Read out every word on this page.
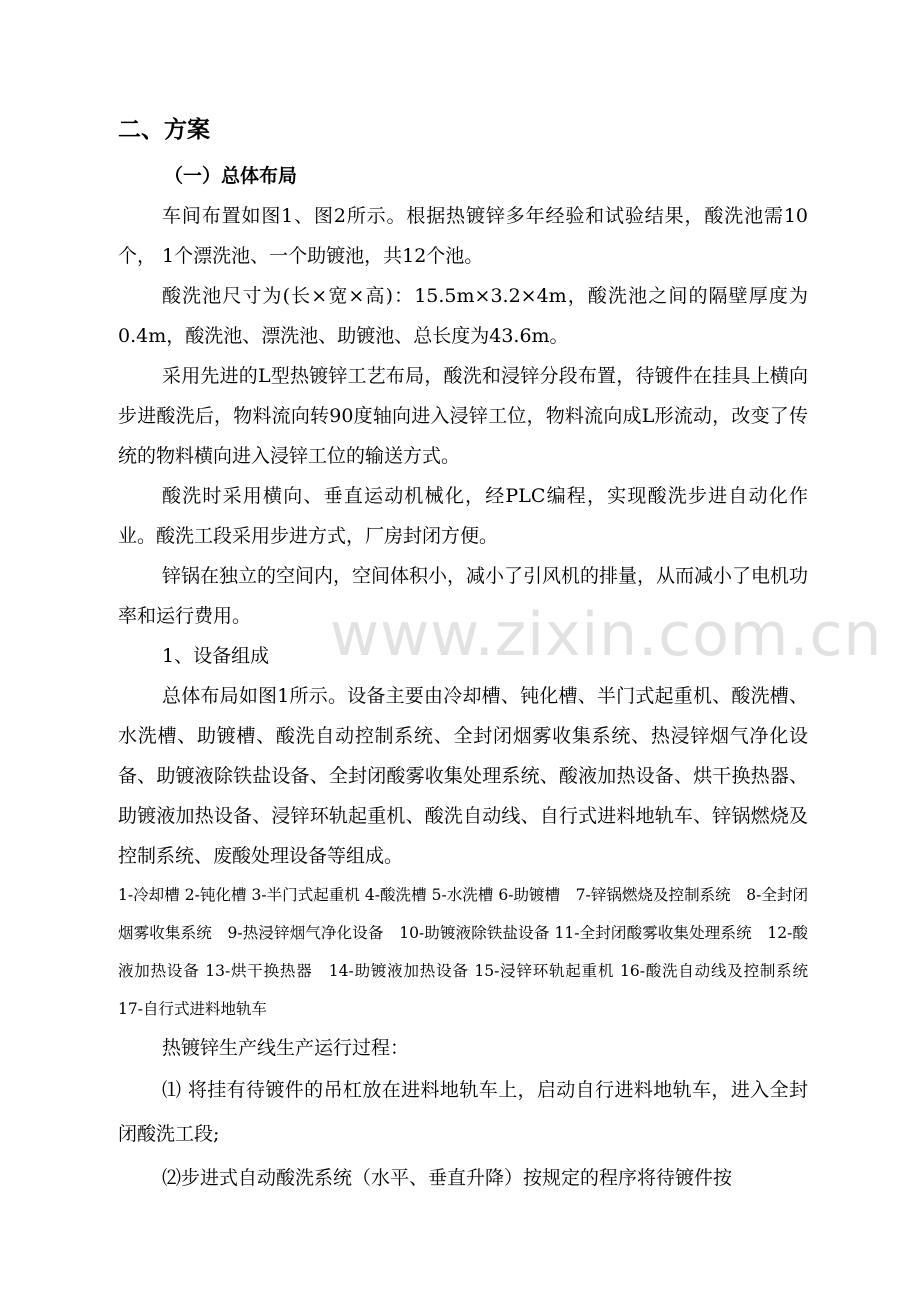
www.zixin.com.cn
二、方案
（一）总体布局

车间布置如图1、图2所示。根据热镀锌多年经验和试验结果，酸洗池需10个， 1个漂洗池、一个助镀池，共12个池。

酸洗池尺寸为(长×宽×高)：15.5m×3.2×4m，酸洗池之间的隔壁厚度为0.4m，酸洗池、漂洗池、助镀池、总长度为43.6m。

采用先进的L型热镀锌工艺布局，酸洗和浸锌分段布置，待镀件在挂具上横向步进酸洗后，物料流向转90度轴向进入浸锌工位，物料流向成L形流动，改变了传统的物料横向进入浸锌工位的输送方式。

酸洗时采用横向、垂直运动机械化，经PLC编程，实现酸洗步进自动化作业。酸洗工段采用步进方式，厂房封闭方便。

锌锅在独立的空间内，空间体积小，减小了引风机的排量，从而减小了电机功率和运行费用。

1、设备组成

总体布局如图1所示。设备主要由冷却槽、钝化槽、半门式起重机、酸洗槽、水洗槽、助镀槽、酸洗自动控制系统、全封闭烟雾收集系统、热浸锌烟气净化设备、助镀液除铁盐设备、全封闭酸雾收集处理系统、酸液加热设备、烘干换热器、助镀液加热设备、浸锌环轨起重机、酸洗自动线、自行式进料地轨车、锌锅燃烧及控制系统、废酸处理设备等组成。

1-冷却槽 2-钝化槽 3-半门式起重机 4-酸洗槽 5-水洗槽 6-助镀槽　7-锌锅燃烧及控制系统　8-全封闭烟雾收集系统　9-热浸锌烟气净化设备　10-助镀液除铁盐设备 11-全封闭酸雾收集处理系统　12-酸液加热设备 13-烘干换热器　14-助镀液加热设备 15-浸锌环轨起重机 16-酸洗自动线及控制系统　17-自行式进料地轨车

热镀锌生产线生产运行过程：

⑴ 将挂有待镀件的吊杠放在进料地轨车上，启动自行进料地轨车，进入全封闭酸洗工段;

⑵步进式自动酸洗系统（水平、垂直升降）按规定的程序将待镀件按
